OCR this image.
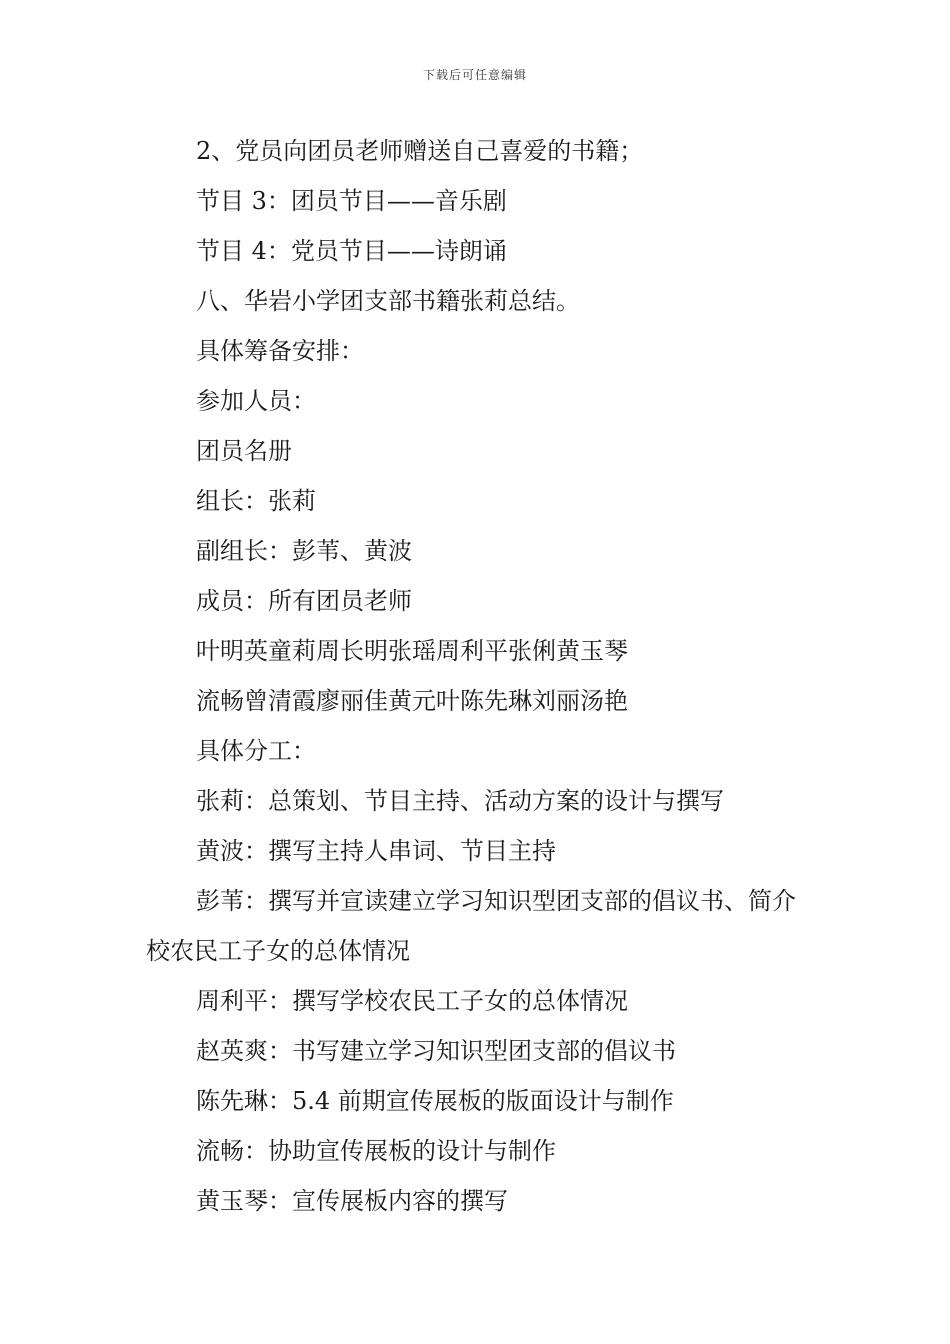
下载后可任意编辑
2、党员向团员老师赠送自己喜爱的书籍；
节目 3：团员节目——音乐剧
节目 4：党员节目——诗朗诵
八、华岩小学团支部书籍张莉总结。
具体筹备安排：
参加人员：
团员名册
组长：张莉
副组长：彭苇、黄波
成员：所有团员老师
叶明英童莉周长明张瑶周利平张俐黄玉琴
流畅曾清霞廖丽佳黄元叶陈先琳刘丽汤艳
具体分工：
张莉：总策划、节目主持、活动方案的设计与撰写
黄波：撰写主持人串词、节目主持
彭苇：撰写并宣读建立学习知识型团支部的倡议书、简介校农民工子女的总体情况
周利平：撰写学校农民工子女的总体情况
赵英爽：书写建立学习知识型团支部的倡议书
陈先琳：5.4 前期宣传展板的版面设计与制作
流畅：协助宣传展板的设计与制作
黄玉琴：宣传展板内容的撰写
